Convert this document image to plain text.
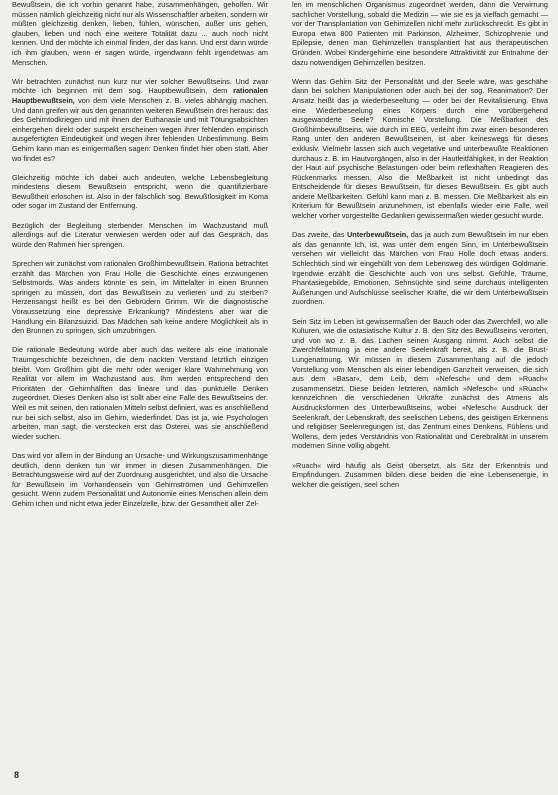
Bewußtsein, die ich vorhin genannt habe, zusammenhängen, geholfen. Wir müssen nämlich gleichzeitig nicht nur als Wissenschaftler arbeiten, sondern wir müßten gleichzeitig denken, lieben, fühlen, wünschen, außer uns gehen, glauben, lieben und noch eine weitere Totalität dazu ... auch noch nicht kennen. Und der möchte ich einmal finden, der das kann. Und erst dann würde ich ihm glauben, wenn er sagen würde, irgendwann fehlt irgendetwas am Menschen.

Wir betrachten zunächst nun kurz nur vier solcher Bewußtseins. Und zwar möchte ich beginnen mit dem sog. Hauptbewußtsein, dem rationalen Hauptbewußtsein, von dem viele Menschen z. B. vieles abhängig machen. Und dann greifen wir aus den genannten weiteren Bewußtsein drei heraus: das des Gehirntodkriegen und mit ihnen der Euthanasie und mit Tötungsabsichten einhergehen direkt oder suspekt erscheinen wegen ihrer fehlenden empirisch ausgefertigten Eindeutigkeit und wegen ihrer fehlenden Unbestimmung. Beim Gehirn kann man es einigermaßen sagen: Denken findet hier oben statt. Aber wo findet es?

Gleichzeitig möchte ich dabei auch andeuten, welche Lebensbegleitung mindestens diesem Bewußtsein entspricht, wenn die quantifizierbare Bewußtheit erloschen ist. Also in der fälschlich sog. Bewußtlosigkeit im Koma oder sogar im Zustand der Entfernung.

Bezüglich der Begleitung sterbender Menschen im Wachzustand muß allerdings auf die Literatur verwiesen werden oder auf das Gespräch, das würde den Rahmen hier sprengen.

Sprechen wir zunächst vom rationalen Großhirnbewußtsein. Rationa betrachtet erzählt das Märchen von Frau Holle die Geschichte eines erzwungenen Selbstmords. Was anders könnte es sein, im Mittelalter in einen Brunnen springen zu müssen, dort das Bewußtsein zu verlieren und zu sterben? Herzensangst heißt es bei den Gebrüdern Grimm. Wir die diagnostische Voraussetzung eine depressive Erkrankung? Mindestens aber war die Handlung ein Bilanzsuizid. Das Mädchen sah keine andere Möglichkeit als in den Brunnen zu springen, sich umzubringen.

Die rationale Bedeutung würde aber auch das weitere als eine irrationale Traumgeschichte bezeichnen, die dem nackten Verstand letztlich einzigen bleibt. Vom Großhirn gibt die mehr oder weniger klare Wahrnehmung von Realität vor allem im Wachzustand aus. Ihm werden entsprechend den Prioritäten der Gehirnhälften das lineare und das punktuelle Denken zugeordnet. Dieses Denken also ist sollt aber eine Falle des Bewußtseins der. Weil es mit seinen, den rationalen Mitteln selbst definiert, was es anschließend nur bei sich selbst, also im Gehirn, wiederfindet. Das ist ja, wie Psychologen arbeiten, man sagt, die verstecken erst das Osterei, was sie anschließend wieder suchen.

Das wird vor allem in der Bindung an Ursache- und Wirkungszusammenhänge deutlich, denn denken tun wir immer in diesen Zusammenhängen. Die Betrachtungsweise wird auf der Zuordnung ausgerichtet, und also die Ursache für Bewußtsein im Vorhandensein von Gehirnströmen und Gehirnzellen gesucht. Wenn zudem Personalität und Autonomie eines Menschen allein dem Gehirn ichen und nicht etwa jeder Einzelzelle, bzw. der Gesamtheit aller Zel-

len im menschlichen Organismus zugeordnet werden, dann die Verwirrung sachlicher Vorstellung, sobald die Medizin — wie sie es ja vielfach gemacht — vor der Transplantation von Gehirnzellen nicht mehr zurückschreckt. Es gibt in Europa etwa 800 Patienten mit Parkinson, Alzheimer, Schizophrenie und Epilepsie, denen man Gehirnzellen transplantiert hat aus therapeutischen Gründen. Wobei Kindergehirne eine besondere Attraktivität zur Entnahme der dazu notwendigen Gehirnzellen besitzen.

Wenn das Gehirn Sitz der Personalität und der Seele wäre, was geschähe dann bei solchen Manipulationen oder auch bei der sog. Reanimation? Der Ansatz heißt das ja wiederbeseeltung — oder bei der Revitalisierung. Etwa eine Wiederbeseelung eines Körpers durch eine vorübergehend ausgewanderte Seele? Komische Vorstellung. Die Meßbarkeit des Großhirnbewußtseins, wie durch im EEG, verleiht ihm zwar einen besonderen Rang unter den anderen Bewußtseinen, ist aber keineswegs für dieses exklusiv. Vielmehr lassen sich auch vegetative und unterbewußte Reaktionen durchaus z. B. im Hautvorgängen, also in der Hautleitfähigkeit, in der Reaktion der Haut auf psychische Belastungen oder beim reflexhaften Reagieren des Rückenmarks messen. Also die Meßbarkeit ist nicht unbedingt das Entscheidende für dieses Bewußtsein, für dieses Bewußtsein. Es gibt auch andere Meßbarkeiten. Gefühl kann man z. B. messen. Die Meßbarkeit als ein Kriterium für Bewußtsein anzunehmen, ist ebenfalls wieder eine Falle, weil welcher vorher vorgestellte Gedanken gewissermaßen wieder gesucht wurde.

Das zweite, das Unterbewußtsein, das ja auch zum Bewußtsein im nur eben als das genannte Ich, ist, was unter dem engen Sinn, im Unterbewußtsein versehen wir vielleicht das Märchen von Frau Holle doch etwas anders. Schlechtich sind wir eingehüllt von dem Lebensweg des würdigen Goldmarie. Irgendwie erzählt die Geschichte auch von uns selbst. Gefühle, Träume, Phantasiegebilde, Emotionen, Sehnsüchte sind seine durchaus intelligenten Äußerungen und Aufschlüsse seelischer Kräfte, die wir dem Unterbewußtsein zuordnen.

Sein Sitz im Leben ist gewissermaßen der Bauch oder das Zwerchfell, wo alle Kulturen, wie die ostasiatische Kultur z. B. den Sitz des Bewußtseins verorten, und von wo z. B. das Lachen seinen Ausgang nimmt. Auch selbst die Zwerchfellatmung ja eine andere Seelenkraft bereit, als z. B. die Brust-Lungenatmung. Wir müssen in diesem Zusammenhang auf die jedoch Vorstellung vom Menschen als einer lebendigen Ganzheit verweisen, die sich aus dem »Basar«, dem Leib, dem »Nefesch« und dem »Ruach« zusammensetzt. Diese beiden letzteren, nämlich »Nefesch« und »Ruach« kennzeichnen die verschiedenen Urkräfte zunächst des Atmens als Ausdrucksformen des Unterbewußtseins, wobei »Nefesch« Ausdruck der Seelenkraft, der Lebenskraft, des seelischen Lebens, des geistigen Erkennens und religiöser Seelenregungen ist, das Zentrum eines Denkens, Fühlens und Wollens, dem jedes Verständnis von Rationalität und Cerebralität in unserem modernen Sinne völlig abgeht.

»Ruach« wird häufig als Geist übersetzt, als Sitz der Erkenntnis und Empfindungen. Zusammen bilden diese beiden die eine Lebensenergie, in welcher die geistigen, seel schen

8
